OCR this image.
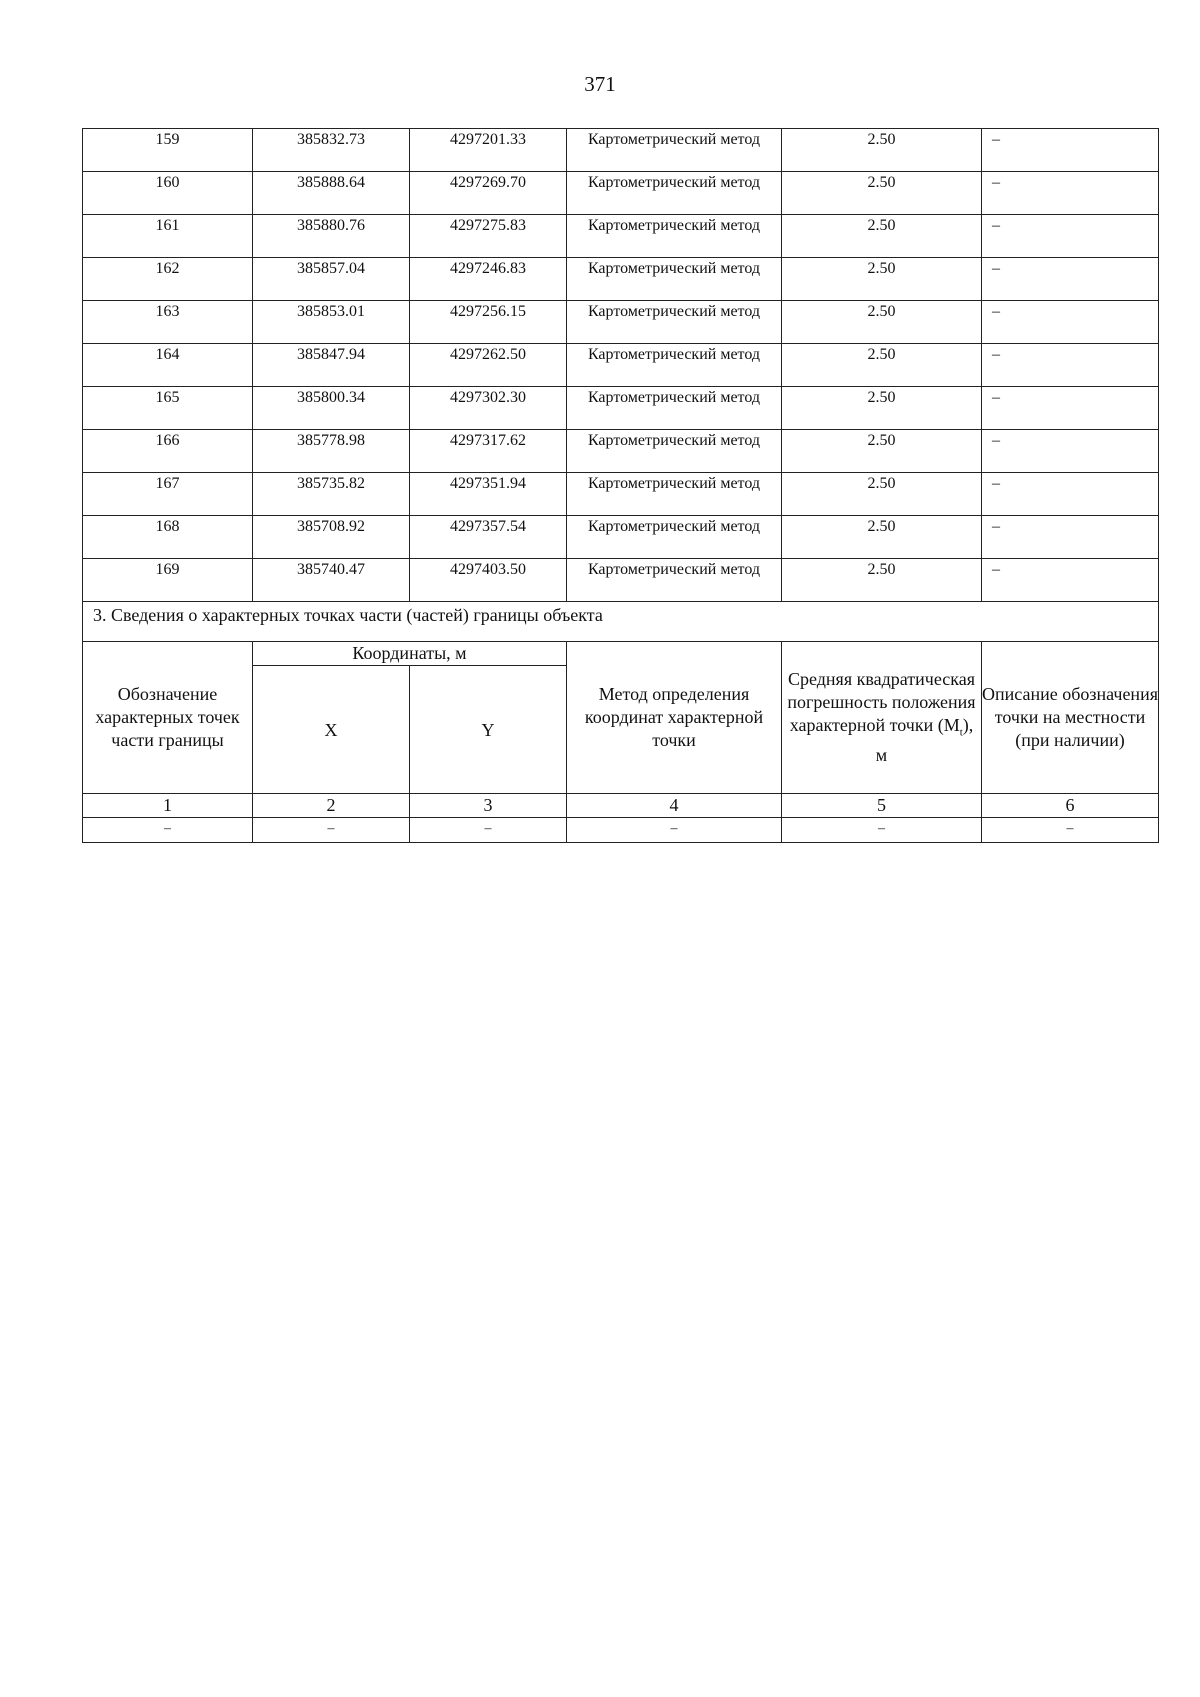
371
159	385832.73	4297201.33	Картометрический метод	2.50	–
160	385888.64	4297269.70	Картометрический метод	2.50	–
161	385880.76	4297275.83	Картометрический метод	2.50	–
162	385857.04	4297246.83	Картометрический метод	2.50	–
163	385853.01	4297256.15	Картометрический метод	2.50	–
164	385847.94	4297262.50	Картометрический метод	2.50	–
165	385800.34	4297302.30	Картометрический метод	2.50	–
166	385778.98	4297317.62	Картометрический метод	2.50	–
167	385735.82	4297351.94	Картометрический метод	2.50	–
168	385708.92	4297357.54	Картометрический метод	2.50	–
169	385740.47	4297403.50	Картометрический метод	2.50	–
3. Сведения о характерных точках части (частей) границы объекта					
Обозначение характерных точек части границы	Координаты, м		Метод определения координат характерной точки	Средняя квадратическая погрешность положения характерной точки $(M_t)$, м	Описание обозначения точки на местности (при наличии)
	X	Y			
1	2	3	4	5	6
–	–	–	–	–	–
